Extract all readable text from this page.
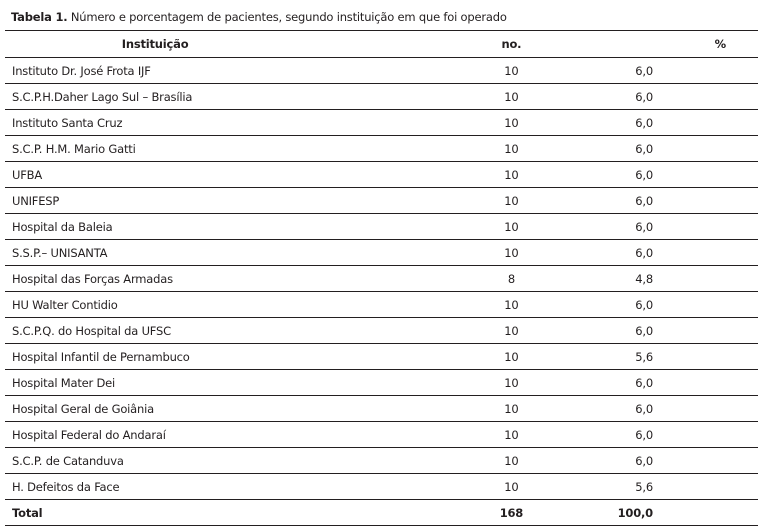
Tabela 1. Número e porcentagem de pacientes, segundo instituição em que foi operado
Instituição	no.	%
Instituto Dr. José Frota IJF	10	6,0
S.C.P.H.Daher Lago Sul – Brasília	10	6,0
Instituto Santa Cruz	10	6,0
S.C.P. H.M. Mario Gatti	10	6,0
UFBA	10	6,0
UNIFESP	10	6,0
Hospital da Baleia	10	6,0
S.S.P.– UNISANTA	10	6,0
Hospital das Forças Armadas	8	4,8
HU Walter Contidio	10	6,0
S.C.P.Q. do Hospital da UFSC	10	6,0
Hospital Infantil de Pernambuco	10	5,6
Hospital Mater Dei	10	6,0
Hospital Geral de Goiânia	10	6,0
Hospital Federal do Andaraí	10	6,0
S.C.P. de Catanduva	10	6,0
H. Defeitos da Face	10	5,6
Total	168	100,0
